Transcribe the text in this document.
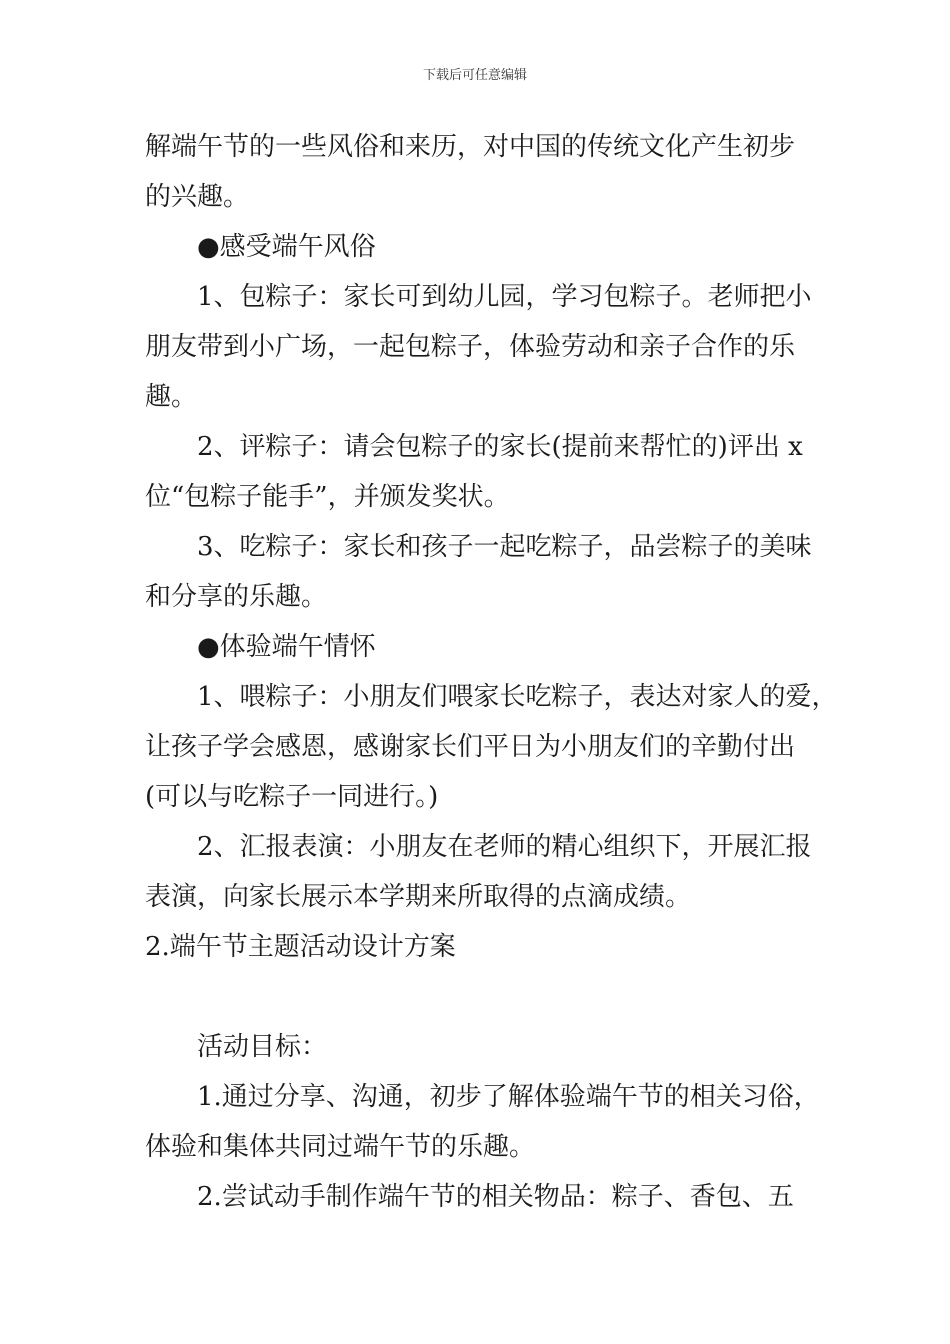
下载后可任意编辑
解端午节的一些风俗和来历，对中国的传统文化产生初步
的兴趣。
●感受端午风俗
1、包粽子：家长可到幼儿园，学习包粽子。老师把小
朋友带到小广场，一起包粽子，体验劳动和亲子合作的乐
趣。
2、评粽子：请会包粽子的家长(提前来帮忙的)评出 x
位“包粽子能手”，并颁发奖状。
3、吃粽子：家长和孩子一起吃粽子，品尝粽子的美味
和分享的乐趣。
●体验端午情怀
1、喂粽子：小朋友们喂家长吃粽子，表达对家人的爱，
让孩子学会感恩，感谢家长们平日为小朋友们的辛勤付出
(可以与吃粽子一同进行。)
2、汇报表演：小朋友在老师的精心组织下，开展汇报
表演，向家长展示本学期来所取得的点滴成绩。
2.端午节主题活动设计方案
活动目标：
1.通过分享、沟通，初步了解体验端午节的相关习俗，
体验和集体共同过端午节的乐趣。
2.尝试动手制作端午节的相关物品：粽子、香包、五
